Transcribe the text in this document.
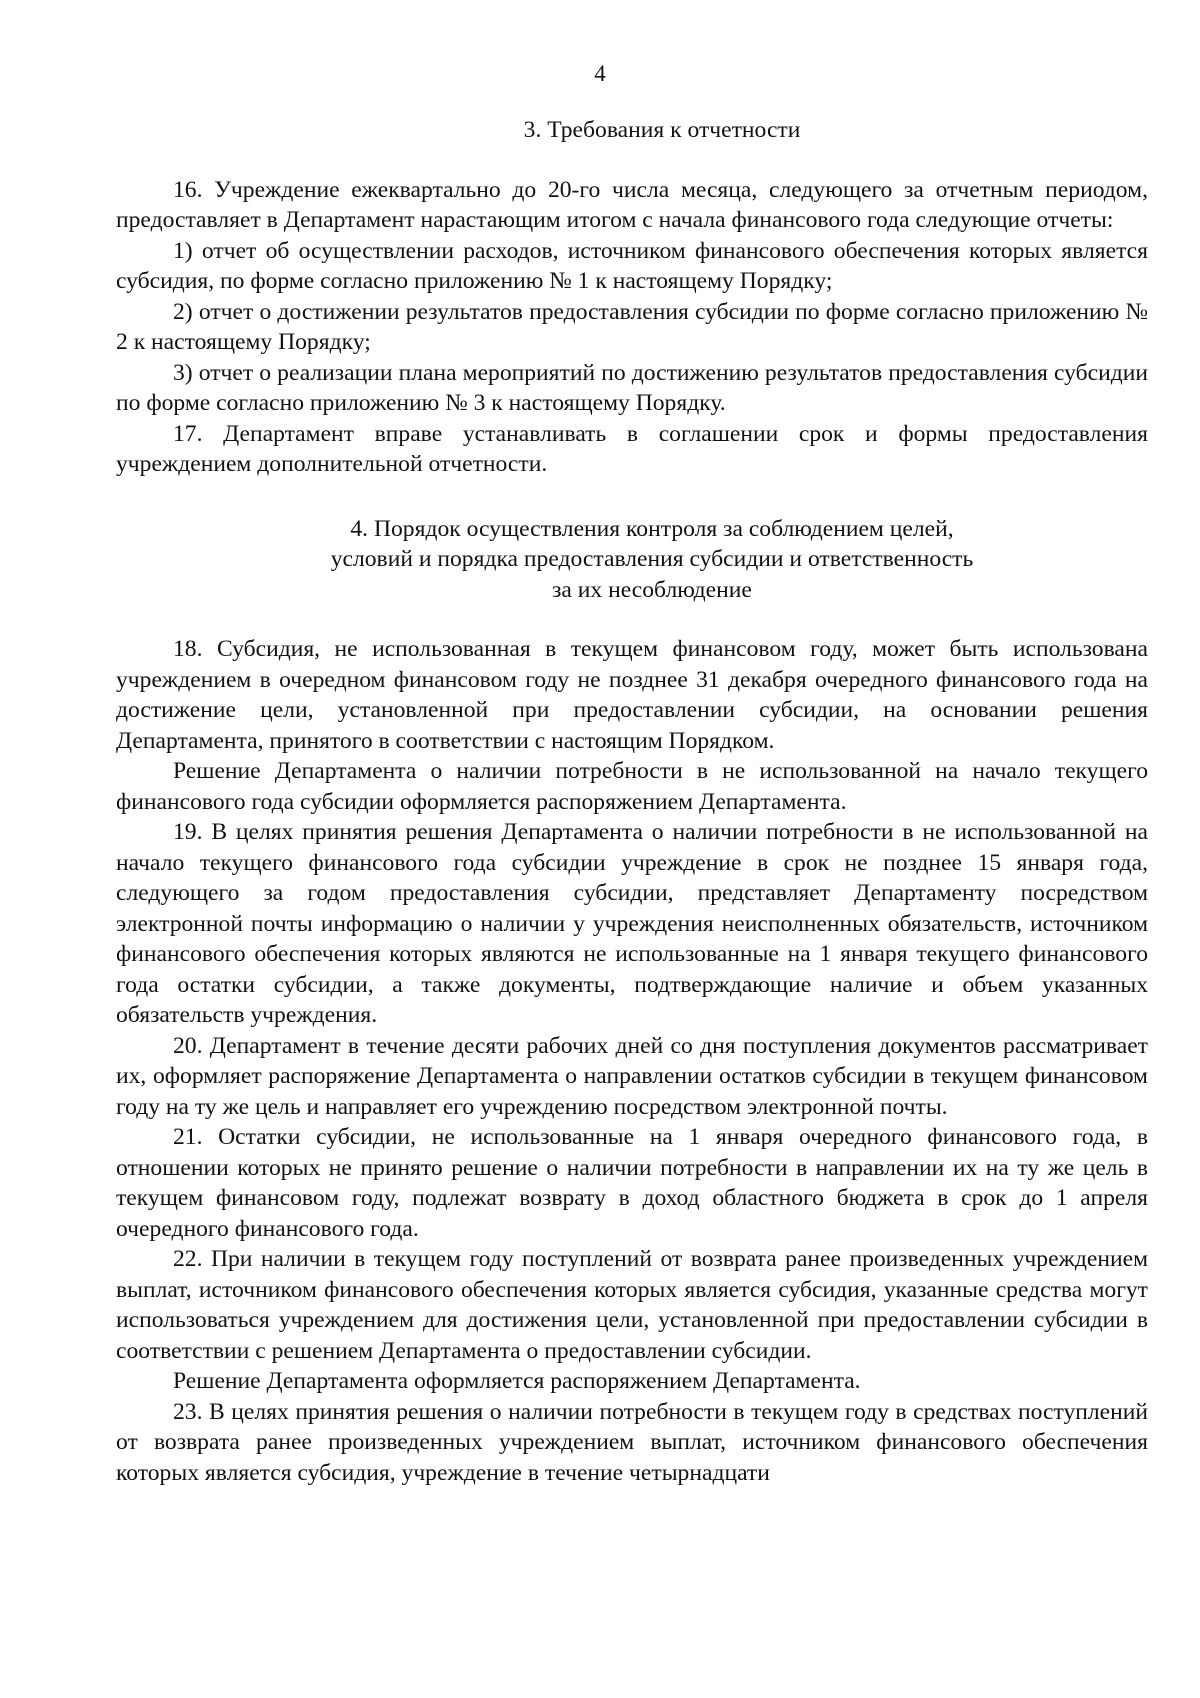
4
3. Требования к отчетности

16. Учреждение ежеквартально до 20-го числа месяца, следующего за отчетным периодом, предоставляет в Департамент нарастающим итогом с начала финансового года следующие отчеты:

1) отчет об осуществлении расходов, источником финансового обеспечения которых является субсидия, по форме согласно приложению № 1 к настоящему Порядку;

2) отчет о достижении результатов предоставления субсидии по форме согласно приложению № 2 к настоящему Порядку;

3) отчет о реализации плана мероприятий по достижению результатов предоставления субсидии по форме согласно приложению № 3 к настоящему Порядку.

17. Департамент вправе устанавливать в соглашении срок и формы предоставления учреждением дополнительной отчетности.

4. Порядок осуществления контроля за соблюдением целей,
условий и порядка предоставления субсидии и ответственность
за их несоблюдение

18. Субсидия, не использованная в текущем финансовом году, может быть использована учреждением в очередном финансовом году не позднее 31 декабря очередного финансового года на достижение цели, установленной при предоставлении субсидии, на основании решения Департамента, принятого в соответствии с настоящим Порядком.

Решение Департамента о наличии потребности в не использованной на начало текущего финансового года субсидии оформляется распоряжением Департамента.

19. В целях принятия решения Департамента о наличии потребности в не использованной на начало текущего финансового года субсидии учреждение в срок не позднее 15 января года, следующего за годом предоставления субсидии, представляет Департаменту посредством электронной почты информацию о наличии у учреждения неисполненных обязательств, источником финансового обеспечения которых являются не использованные на 1 января текущего финансового года остатки субсидии, а также документы, подтверждающие наличие и объем указанных обязательств учреждения.

20. Департамент в течение десяти рабочих дней со дня поступления документов рассматривает их, оформляет распоряжение Департамента о направлении остатков субсидии в текущем финансовом году на ту же цель и направляет его учреждению посредством электронной почты.

21. Остатки субсидии, не использованные на 1 января очередного финансового года, в отношении которых не принято решение о наличии потребности в направлении их на ту же цель в текущем финансовом году, подлежат возврату в доход областного бюджета в срок до 1 апреля очередного финансового года.

22. При наличии в текущем году поступлений от возврата ранее произведенных учреждением выплат, источником финансового обеспечения которых является субсидия, указанные средства могут использоваться учреждением для достижения цели, установленной при предоставлении субсидии в соответствии с решением Департамента о предоставлении субсидии.

Решение Департамента оформляется распоряжением Департамента.

23. В целях принятия решения о наличии потребности в текущем году в средствах поступлений от возврата ранее произведенных учреждением выплат, источником финансового обеспечения которых является субсидия, учреждение в течение четырнадцати
